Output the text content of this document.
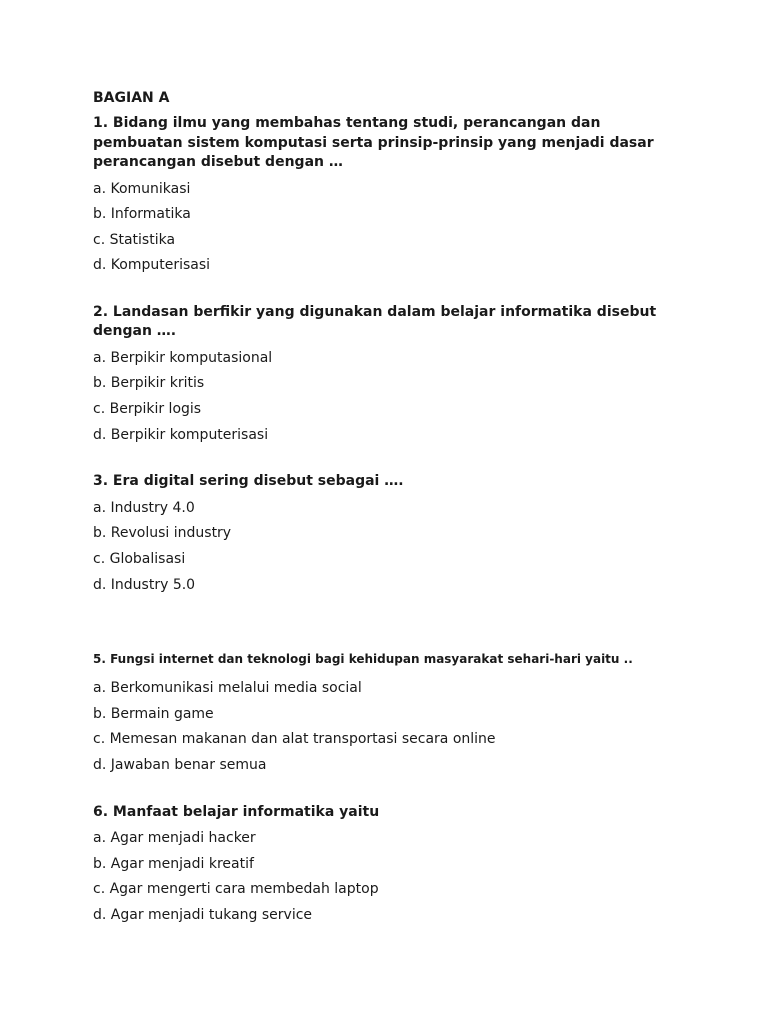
BAGIAN A
1. Bidang ilmu yang membahas tentang studi, perancangan dan pembuatan sistem komputasi serta prinsip-prinsip yang menjadi dasar perancangan disebut dengan …
a. Komunikasi
b. Informatika
c. Statistika
d. Komputerisasi
2. Landasan berfikir yang digunakan dalam belajar informatika disebut dengan ….
a. Berpikir komputasional
b. Berpikir kritis
c. Berpikir logis
d. Berpikir komputerisasi
3. Era digital sering disebut sebagai ….
a. Industry 4.0
b. Revolusi industry
c. Globalisasi
d. Industry 5.0
5. Fungsi internet dan teknologi bagi kehidupan masyarakat sehari-hari yaitu ..
a. Berkomunikasi melalui media social
b. Bermain game
c. Memesan makanan dan alat transportasi secara online
d. Jawaban benar semua
6. Manfaat belajar informatika yaitu
a. Agar menjadi hacker
b. Agar menjadi kreatif
c. Agar mengerti cara membedah laptop
d. Agar menjadi tukang service
